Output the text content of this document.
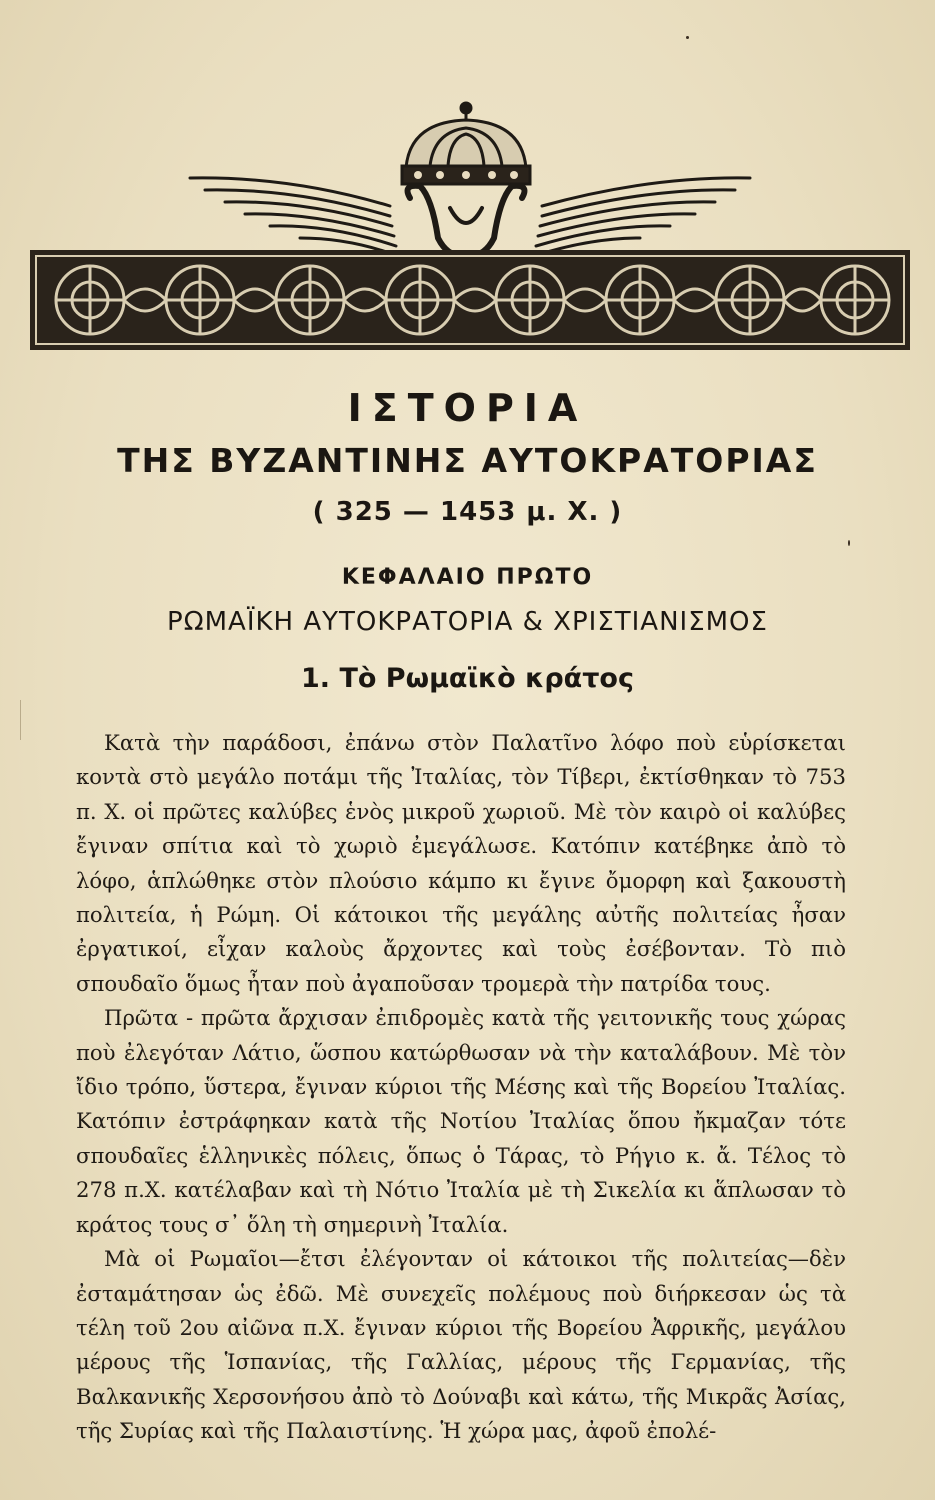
ΙΣΤΟΡΙΑ
ΤΗΣ ΒΥΖΑΝΤΙΝΗΣ ΑΥΤΟΚΡΑΤΟΡΙΑΣ
( 325 — 1453 μ. Χ. )
ΚΕΦΑΛΑΙΟ ΠΡΩΤΟ
ΡΩΜΑΪΚΗ ΑΥΤΟΚΡΑΤΟΡΙΑ & ΧΡΙΣΤΙΑΝΙΣΜΟΣ
1. Τὸ Ρωμαϊκὸ κράτος

Κατὰ τὴν παράδοσι, ἐπάνω στὸν Παλατῖνο λόφο ποὺ εὑρίσκεται κοντὰ στὸ μεγάλο ποτάμι τῆς Ἰταλίας, τὸν Τίβερι, ἐκτίσθηκαν τὸ 753 π. Χ. οἱ πρῶτες καλύβες ἑνὸς μικροῦ χωριοῦ. Μὲ τὸν καιρὸ οἱ καλύβες ἔγιναν σπίτια καὶ τὸ χωριὸ ἐμεγάλωσε. Κατόπιν κατέβηκε ἀπὸ τὸ λόφο, ἁπλώθηκε στὸν πλούσιο κάμπο κι ἔγινε ὄμορφη καὶ ξακουστὴ πολιτεία, ἡ Ρώμη. Οἱ κάτοικοι τῆς μεγάλης αὐτῆς πολιτείας ἦσαν ἐργατικοί, εἶχαν καλοὺς ἄρχοντες καὶ τοὺς ἐσέβονταν. Τὸ πιὸ σπουδαῖο ὅμως ἦταν ποὺ ἀγαποῦσαν τρομερὰ τὴν πατρίδα τους.

Πρῶτα - πρῶτα ἄρχισαν ἐπιδρομὲς κατὰ τῆς γειτονικῆς τους χώρας ποὺ ἐλεγόταν Λάτιο, ὥσπου κατώρθωσαν νὰ τὴν καταλάβουν. Μὲ τὸν ἴδιο τρόπο, ὕστερα, ἔγιναν κύριοι τῆς Μέσης καὶ τῆς Βορείου Ἰταλίας. Κατόπιν ἐστράφηκαν κατὰ τῆς Νοτίου Ἰταλίας ὅπου ἤκμαζαν τότε σπουδαῖες ἑλληνικὲς πόλεις, ὅπως ὁ Τάρας, τὸ Ρήγιο κ. ἄ. Τέλος τὸ 278 π.Χ. κατέλαβαν καὶ τὴ Νότιο Ἰταλία μὲ τὴ Σικελία κι ἅπλωσαν τὸ κράτος τους σ᾽ ὅλη τὴ σημερινὴ Ἰταλία.

Μὰ οἱ Ρωμαῖοι—ἔτσι ἐλέγονταν οἱ κάτοικοι τῆς πολιτείας—δὲν ἐσταμάτησαν ὡς ἐδῶ. Μὲ συνεχεῖς πολέμους ποὺ διήρκεσαν ὡς τὰ τέλη τοῦ 2ου αἰῶνα π.Χ. ἔγιναν κύριοι τῆς Βορείου Ἀφρικῆς, μεγάλου μέρους τῆς Ἱσπανίας, τῆς Γαλλίας, μέρους τῆς Γερμανίας, τῆς Βαλκανικῆς Χερσονήσου ἀπὸ τὸ Δούναβι καὶ κάτω, τῆς Μικρᾶς Ἀσίας, τῆς Συρίας καὶ τῆς Παλαιστίνης. Ἡ χώρα μας, ἀφοῦ ἐπολέ-
